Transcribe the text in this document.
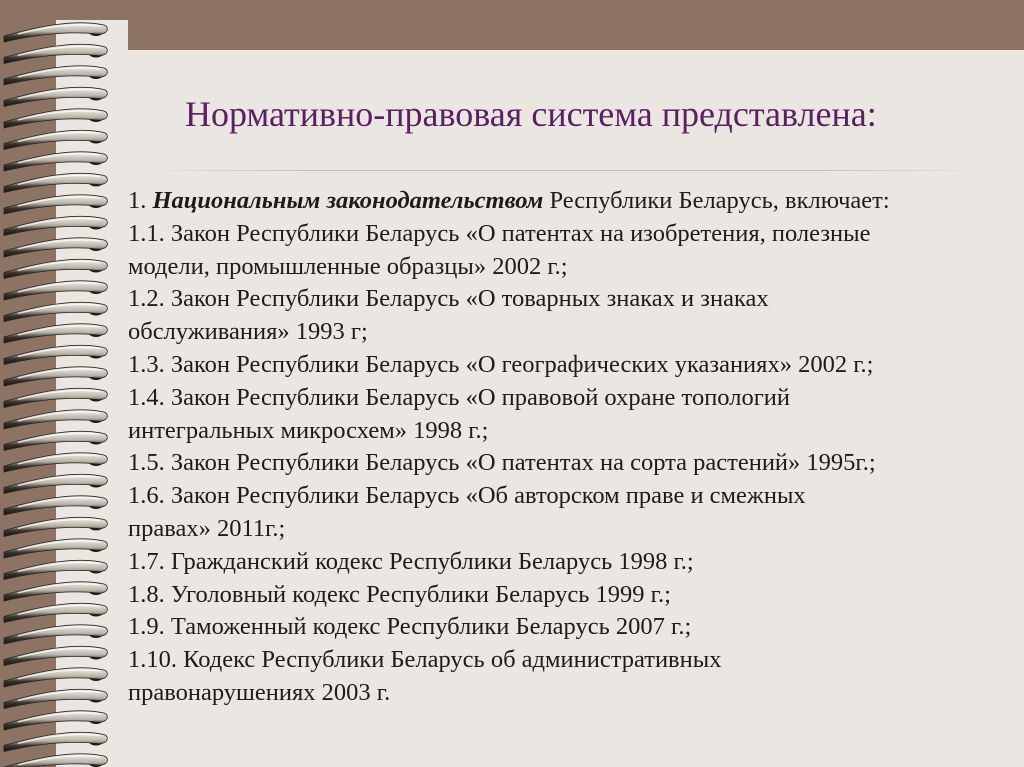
Нормативно-правовая система представлена:
1. Национальным законодательством Республики Беларусь, включает:
1.1. Закон Республики Беларусь «О патентах на изобретения, полезные
модели, промышленные образцы» 2002 г.;
1.2. Закон Республики Беларусь «О товарных знаках и знаках
обслуживания» 1993 г;
1.3. Закон Республики Беларусь «О географических указаниях» 2002 г.;
1.4. Закон Республики Беларусь «О правовой охране топологий
интегральных микросхем» 1998 г.;
1.5. Закон Республики Беларусь «О патентах на сорта растений» 1995г.;
1.6. Закон Республики Беларусь «Об авторском праве и смежных
правах» 2011г.;
1.7. Гражданский кодекс Республики Беларусь 1998 г.;
1.8. Уголовный кодекс Республики Беларусь 1999 г.;
1.9. Таможенный кодекс Республики Беларусь 2007 г.;
1.10. Кодекс Республики Беларусь об административных
правонарушениях 2003 г.
